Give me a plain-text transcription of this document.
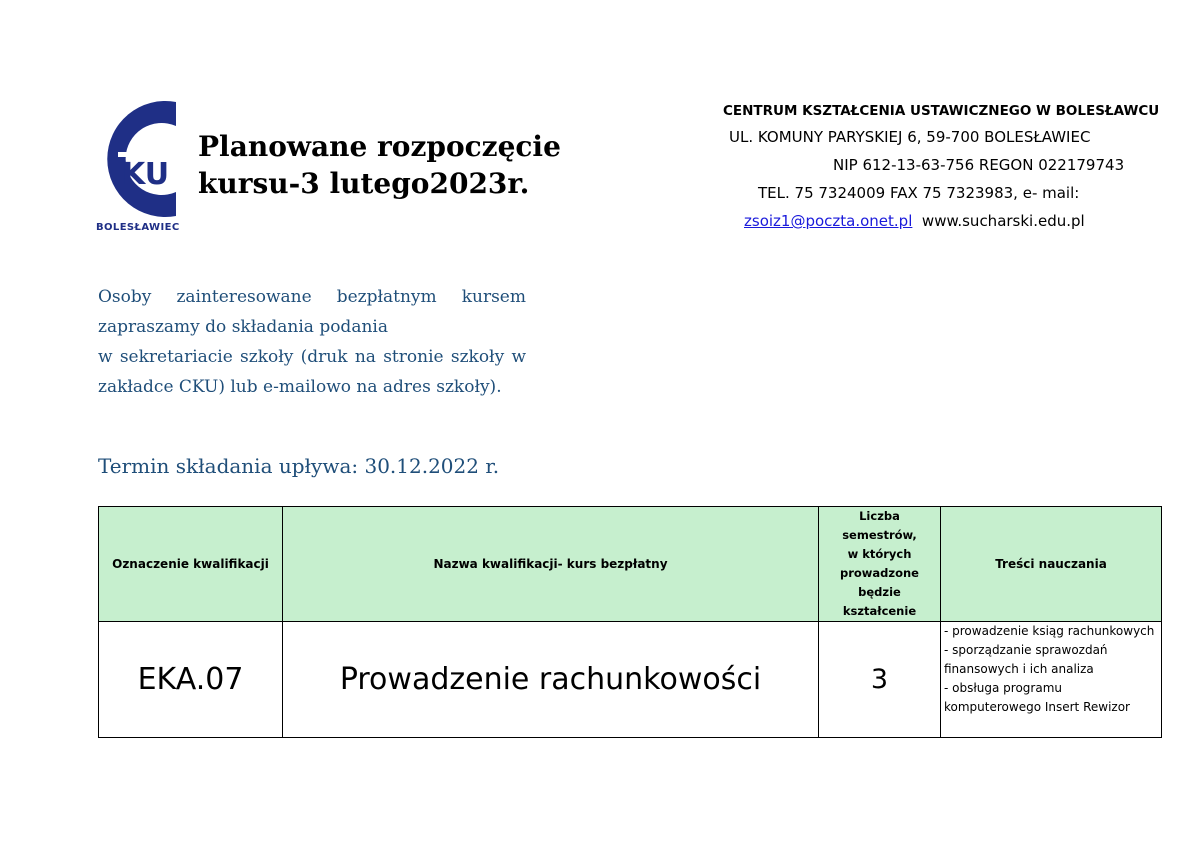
KU
BOLESŁAWIEC
Planowane rozpoczęcie
kursu-3 lutego2023r.
CENTRUM KSZTAŁCENIA USTAWICZNEGO W BOLESŁAWCU
UL. KOMUNY PARYSKIEJ 6, 59-700 BOLESŁAWIEC
NIP 612-13-63-756 REGON 022179743
TEL. 75 7324009 FAX 75 7323983, e- mail:
zsoiz1@poczta.onet.pl www.sucharski.edu.pl

Osoby zainteresowane bezpłatnym kursem zapraszamy do składania podania

w sekretariacie szkoły (druk na stronie szkoły w zakładce CKU) lub e-mailowo na adres szkoły).

Termin składania upływa: 30.12.2022 r.
Oznaczenie kwalifikacji	Nazwa kwalifikacji- kurs bezpłatny	Liczba semestrów, w których prowadzone będzie kształcenie	Treści nauczania
EKA.07	Prowadzenie rachunkowości	3	- prowadzenie ksiąg rachunkowych
- sporządzanie sprawozdań finansowych i ich analiza
- obsługa programu komputerowego Insert Rewizor
